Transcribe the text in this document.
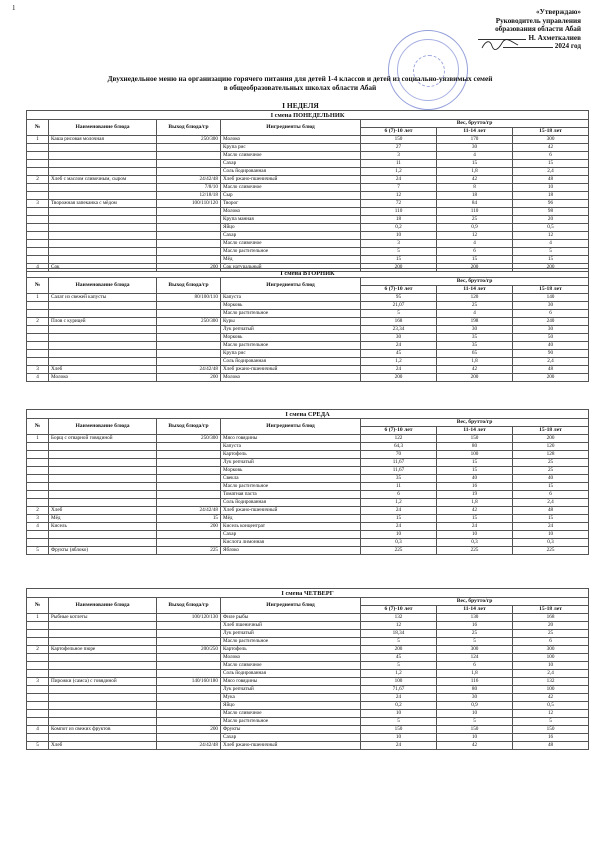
1	«Утверждаю»
Руководитель управления
образования области Абай
Н. Ахметкалиев
2024 год
Двухнедельное меню на организацию горячего питания для детей 1-4 классов и детей из социально-уязвимых семей
в общеобразовательных школах области Абай
I НЕДЕЛЯ
I смена ПОНЕДЕЛЬНИК						
№	Наименование блюда	Выход блюда/гр	Ингредиенты блюд	Вес, брутто/гр		
				6 (7)-10 лет	11-14 лет	15-18 лет
1	Каша рисовая молочная	250/300	Молоко	150	170	300
			Крупа рис	27	30	42
			Масло сливочное	3	4	6
			Сахар	11	15	15
			Соль йодированная	1,2	1,8	2,4
2	Хлеб с маслом сливочным, сыром	24/42/48	Хлеб ржано-пшеничный	24	42	48
		7/8/10	Масло сливочное	7	8	10
		12/18/18	Сыр	12	18	18
3	Творожная запеканка с мёдом	100/110/120	Творог	72	84	96
			Молоко	110	110	98
			Крупа манная	18	25	20
			Яйцо	0,2	0,9	0,5
			Сахар	10	12	12
			Масло сливочное	3	4	4
			Масло растительное	5	6	5
			Мёд	15	15	15
4	Сок	200	Сок натуральный	200	200	200
I смена ВТОРНИК						
№	Наименование блюда	Выход блюда/гр	Ингредиенты блюд	Вес, брутто/гр		
				6 (7)-10 лет	11-14 лет	15-18 лет
1	Салат из свежей капусты	80/100/110	Капуста	95	120	140
			Морковь	21,07	25	30
			Масло растительное	5	4	6
2	Плов с курицей	250/300	Куры	168	198	240
			Лук репчатый	23,34	30	30
			Морковь	30	35	50
			Масло растительное	24	35	40
			Крупа рис	45	65	90
			Соль йодированная	1,2	1,8	2,4
3	Хлеб	24/42/48	Хлеб ржано-пшеничный	24	42	48
4	Молоко	200	Молоко	200	200	200
I смена СРЕДА						
№	Наименование блюда	Выход блюда/гр	Ингредиенты блюд	Вес, брутто/гр		
				6 (7)-10 лет	11-14 лет	15-18 лет
1	Борщ с отварной говядиной	250/300	Мясо говядины	122	150	200
			Капуста	64,3	80	120
			Картофель	70	100	128
			Лук репчатый	11,67	15	25
			Морковь	11,67	15	25
			Свекла	35	40	40
			Масло растительное	11	16	15
			Томатная паста	6	19	6
			Соль йодированная	1,2	1,8	2,4
2	Хлеб	24/42/48	Хлеб ржано-пшеничный	24	42	48
3	Мёд	15	Мёд	15	15	15
4	Кисель	200	Кисель концентрат	24	24	24
			Сахар	10	10	10
			Кислота лимонная	0,3	0,3	0,3
5	Фрукты (яблоко)	225	Яблоко	225	225	225
I смена ЧЕТВЕРГ						
№	Наименование блюда	Выход блюда/гр	Ингредиенты блюд	Вес, брутто/гр		
				6 (7)-10 лет	11-14 лет	15-18 лет
1	Рыбные котлеты	100/120/130	Филе рыбы	132	130	168
			Хлеб пшеничный	12	16	20
			Лук репчатый	18,34	25	25
			Масло растительное	5	5	6
2	Картофельное пюре	200/250	Картофель	200	300	300
			Молоко	45	124	100
			Масло сливочное	5	6	10
			Соль йодированная	1,2	1,8	2,4
3	Пирожки (самса) с говядиной	140/160/180	Мясо говядины	100	116	132
			Лук репчатый	71,67	80	100
			Мука	24	30	42
			Яйцо	0,2	0,9	0,5
			Масло сливочное	10	10	12
			Масло растительное	5	5	5
4	Компот из свежих фруктов	200	Фрукты	150	150	150
			Сахар	10	10	16
5	Хлеб	24/42/48	Хлеб ржано-пшеничный	24	42	48
